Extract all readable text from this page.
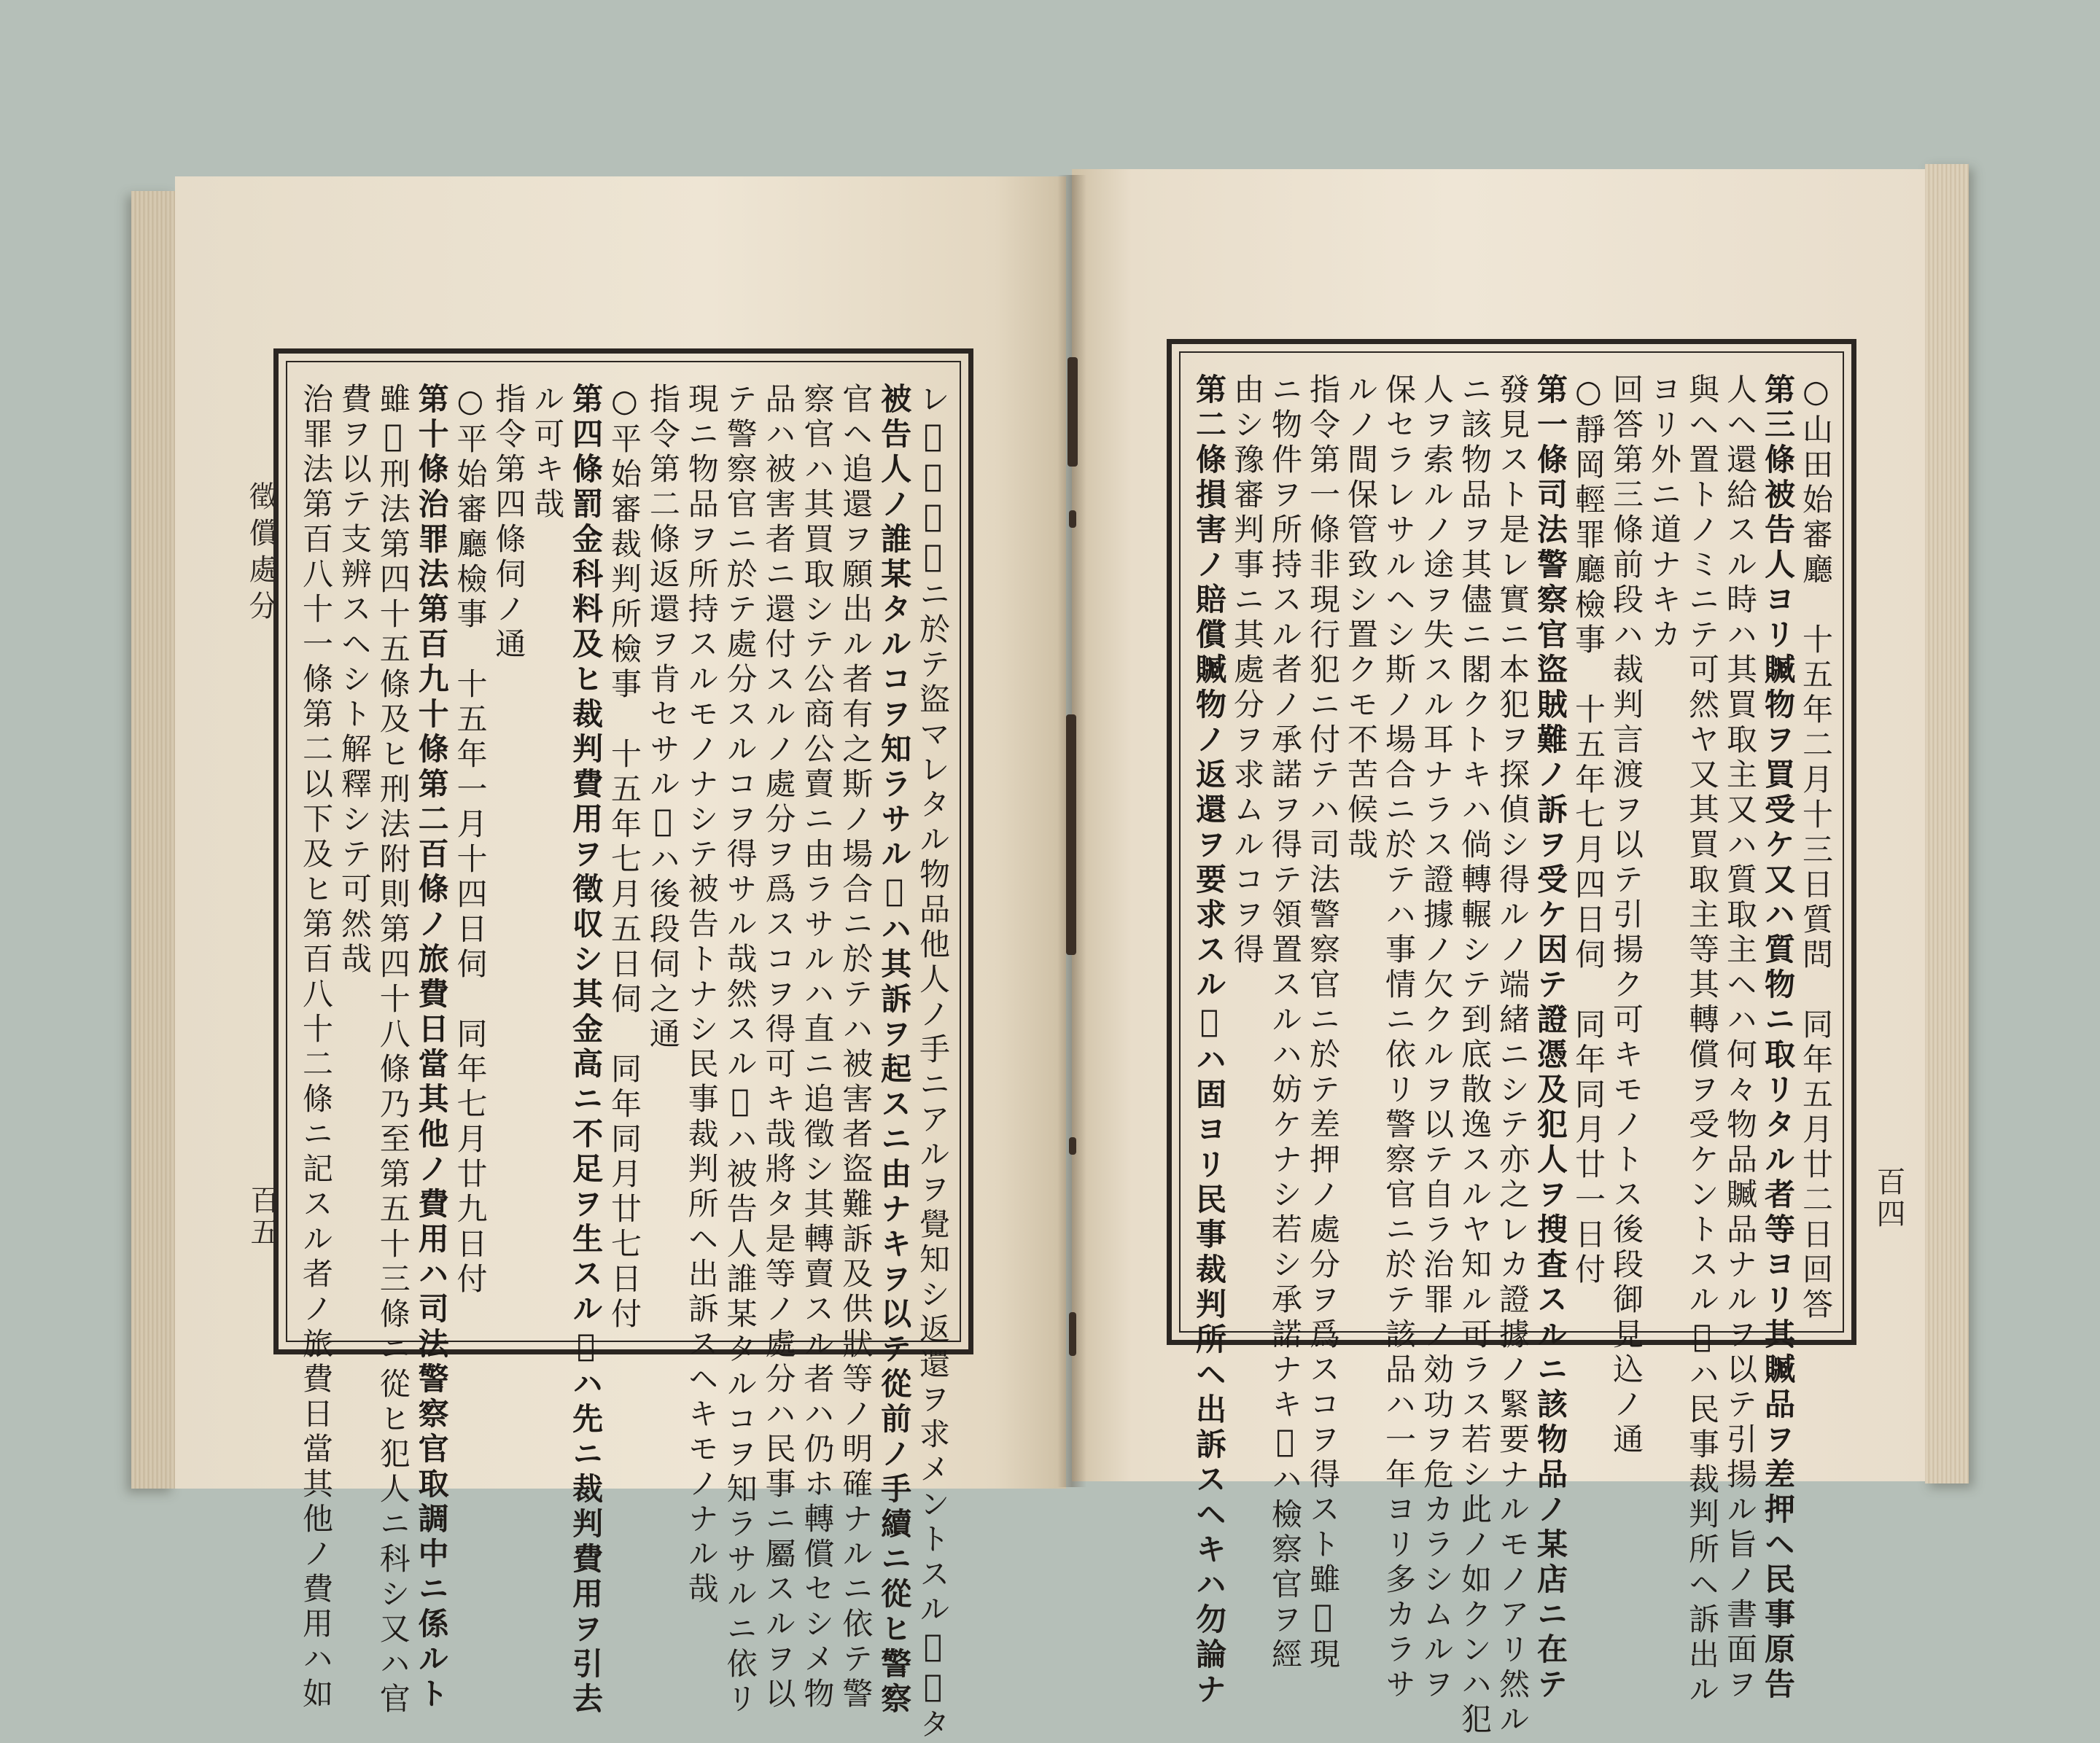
徵償處分
百五	百四
レ𪜈被害者ニ於テ盜マレタル物品他人ノ手ニアルヲ覺知シ返還ヲ求メントスル𪜈未タ
被告人ノ誰某タルコヲ知ラサル𪜊ハ其訴ヲ起スニ由ナキヲ以テ從前ノ手續ニ從ヒ警察
官ヘ追還ヲ願出ル者有之斯ノ場合ニ於テハ被害者盜難訴及供狀等ノ明確ナルニ依テ警
察官ハ其買取シテ公商公賣ニ由ラサルハ直ニ追徵シ其轉賣スル者ハ仍ホ轉償セシメ物
品ハ被害者ニ還付スルノ處分ヲ爲スコヲ得可キ哉將タ是等ノ處分ハ民事ニ屬スルヲ以
テ警察官ニ於テ處分スルコヲ得サル哉然スル𪜊ハ被告人誰某タルコヲ知ラサルニ依リ
現ニ物品ヲ所持スルモノナシテ被告トナシ民事裁判所ヘ出訴スヘキモノナル哉
指令第二條返還ヲ肯セサル𪜊ハ後段伺之通
○平始審裁判所檢事　十五年七月五日伺　同年同月廿七日付
第四條罰金科料及ヒ裁判費用ヲ徵収シ其金高ニ不足ヲ生スル𪜊ハ先ニ裁判費用ヲ引去
ル可キ哉
指令第四條伺ノ通
○平始審廳檢事　十五年一月十四日伺　同年七月廿九日付
第十條治罪法第百九十條第二百條ノ旅費日當其他ノ費用ハ司法警察官取調中ニ係ルト
雖𪜈刑法第四十五條及ヒ刑法附則第四十八條乃至第五十三條ニ從ヒ犯人ニ科シ又ハ官
費ヲ以テ支辨スヘシト解釋シテ可然哉
治罪法第百八十一條第二以下及ヒ第百八十二條ニ記スル者ノ旅費日當其他ノ費用ハ如	○山田始審廳　十五年二月十三日質問　同年五月廿二日回答
第三條被告人ヨリ贓物ヲ買受ケ又ハ質物ニ取リタル者等ヨリ其贓品ヲ差押ヘ民事原告
人ヘ還給スル時ハ其買取主又ハ質取主ヘハ何々物品贓品ナルヲ以テ引揚ル旨ノ書面ヲ
與ヘ置トノミニテ可然ヤ又其買取主等其轉償ヲ受ケントスル𪜊ハ民事裁判所ヘ訴出ル
ヨリ外ニ道ナキカ
回答第三條前段ハ裁判言渡ヲ以テ引揚ク可キモノトス後段御見込ノ通
○靜岡輕罪廳檢事　十五年七月四日伺　同年同月廿一日付
第一條司法警察官盜賊難ノ訴ヲ受ケ因テ證憑及犯人ヲ搜査スルニ該物品ノ某店ニ在テ
發見スト是レ實ニ本犯ヲ探偵シ得ルノ端緒ニシテ亦之レカ證據ノ緊要ナルモノアリ然ル
ニ該物品ヲ其儘ニ閣クトキハ倘轉輾シテ到底散逸スルヤ知ル可ラス若シ此ノ如クンハ犯
人ヲ索ルノ途ヲ失スル耳ナラス證據ノ欠クルヲ以テ自ラ治罪ノ効功ヲ危カラシムルヲ
保セラレサルヘシ斯ノ場合ニ於テハ事情ニ依リ警察官ニ於テ該品ハ一年ヨリ多カラサ
ルノ間保管致シ置クモ不苦候哉
指令第一條非現行犯ニ付テハ司法警察官ニ於テ差押ノ處分ヲ爲スコヲ得スト雖𪜈現
ニ物件ヲ所持スル者ノ承諾ヲ得テ領置スルハ妨ケナシ若シ承諾ナキ𪜊ハ檢察官ヲ經
由シ豫審判事ニ其處分ヲ求ムルコヲ得
第二條損害ノ賠償贓物ノ返還ヲ要求スル𪜊ハ固ヨリ民事裁判所ヘ出訴スヘキハ勿論ナ
